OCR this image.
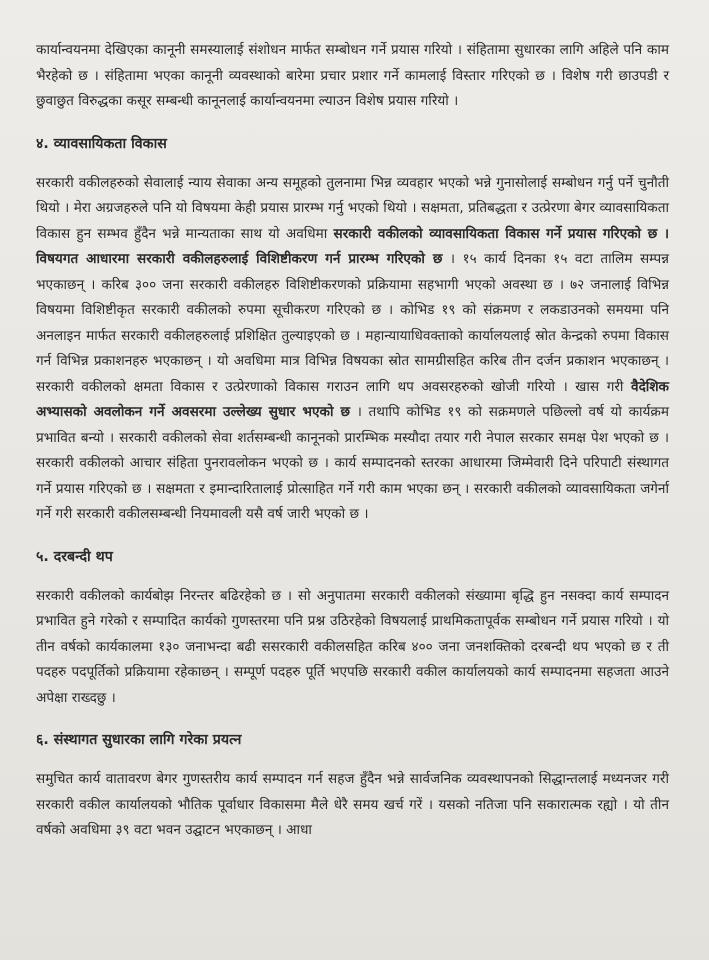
कार्यान्वयनमा देखिएका कानूनी समस्यालाई संशोधन मार्फत सम्बोधन गर्ने प्रयास गरियो । संहितामा सुधारका लागि अहिले पनि काम भैरहेको छ । संहितामा भएका कानूनी व्यवस्थाको बारेमा प्रचार प्रशार गर्ने कामलाई विस्तार गरिएको छ । विशेष गरी छाउपडी र छुवाछुत विरुद्धका कसूर सम्बन्धी कानूनलाई कार्यान्वयनमा ल्याउन विशेष प्रयास गरियो ।

४. व्यावसायिकता विकास

सरकारी वकीलहरुको सेवालाई न्याय सेवाका अन्य समूहको तुलनामा भिन्न व्यवहार भएको भन्ने गुनासोलाई सम्बोधन गर्नु पर्ने चुनौती थियो । मेरा अग्रजहरुले पनि यो विषयमा केही प्रयास प्रारम्भ गर्नु भएको थियो । सक्षमता, प्रतिबद्धता र उत्प्रेरणा बेगर व्यावसायिकता विकास हुन सम्भव हुँदैन भन्ने मान्यताका साथ यो अवधिमा सरकारी वकीलको व्यावसायिकता विकास गर्ने प्रयास गरिएको छ । विषयगत आधारमा सरकारी वकीलहरुलाई विशिष्टीकरण गर्न प्रारम्भ गरिएको छ । १५ कार्य दिनका १५ वटा तालिम सम्पन्न भएकाछन् । करिब ३०० जना सरकारी वकीलहरु विशिष्टीकरणको प्रक्रियामा सहभागी भएको अवस्था छ । ७२ जनालाई विभिन्न विषयमा विशिष्टीकृत सरकारी वकीलको रुपमा सूचीकरण गरिएको छ । कोभिड १९ को संक्रमण र लकडाउनको समयमा पनि अनलाइन मार्फत सरकारी वकीलहरुलाई प्रशिक्षित तुल्याइएको छ । महान्यायाधिवक्ताको कार्यालयलाई स्रोत केन्द्रको रुपमा विकास गर्न विभिन्न प्रकाशनहरु भएकाछन् । यो अवधिमा मात्र विभिन्न विषयका स्रोत सामग्रीसहित करिब तीन दर्जन प्रकाशन भएकाछन् । सरकारी वकीलको क्षमता विकास र उत्प्रेरणाको विकास गराउन लागि थप अवसरहरुको खोजी गरियो । खास गरी वैदेशिक अभ्यासको अवलोकन गर्ने अवसरमा उल्लेख्य सुधार भएको छ । तथापि कोभिड १९ को सक्रमणले पछिल्लो वर्ष यो कार्यक्रम प्रभावित बन्यो । सरकारी वकीलको सेवा शर्तसम्बन्धी कानूनको प्रारम्भिक मस्यौदा तयार गरी नेपाल सरकार समक्ष पेश भएको छ । सरकारी वकीलको आचार संहिता पुनरावलोकन भएको छ । कार्य सम्पादनको स्तरका आधारमा जिम्मेवारी दिने परिपाटी संस्थागत गर्ने प्रयास गरिएको छ । सक्षमता र इमान्दारितालाई प्रोत्साहित गर्ने गरी काम भएका छन् । सरकारी वकीलको व्यावसायिकता जगेर्ना गर्ने गरी सरकारी वकीलसम्बन्धी नियमावली यसै वर्ष जारी भएको छ ।

५. दरबन्दी थप

सरकारी वकीलको कार्यबोझ निरन्तर बढिरहेको छ । सो अनुपातमा सरकारी वकीलको संख्यामा बृद्धि हुन नसक्दा कार्य सम्पादन प्रभावित हुने गरेको र सम्पादित कार्यको गुणस्तरमा पनि प्रश्न उठिरहेको विषयलाई प्राथमिकतापूर्वक सम्बोधन गर्ने प्रयास गरियो । यो तीन वर्षको कार्यकालमा १३० जनाभन्दा बढी ससरकारी वकीलसहित करिब ४०० जना जनशक्तिको दरबन्दी थप भएको छ र ती पदहरु पदपूर्तिको प्रक्रियामा रहेकाछन् । सम्पूर्ण पदहरु पूर्ति भएपछि सरकारी वकील कार्यालयको कार्य सम्पादनमा सहजता आउने अपेक्षा राख्दछु ।

६. संस्थागत सुधारका लागि गरेका प्रयत्न

समुचित कार्य वातावरण बेगर गुणस्तरीय कार्य सम्पादन गर्न सहज हुँदैन भन्ने सार्वजनिक व्यवस्थापनको सिद्धान्तलाई मध्यनजर गरी सरकारी वकील कार्यालयको भौतिक पूर्वाधार विकासमा मैले धेरै समय खर्च गरें । यसको नतिजा पनि सकारात्मक रह्यो । यो तीन वर्षको अवधिमा ३९ वटा भवन उद्घाटन भएकाछन् । आधा
